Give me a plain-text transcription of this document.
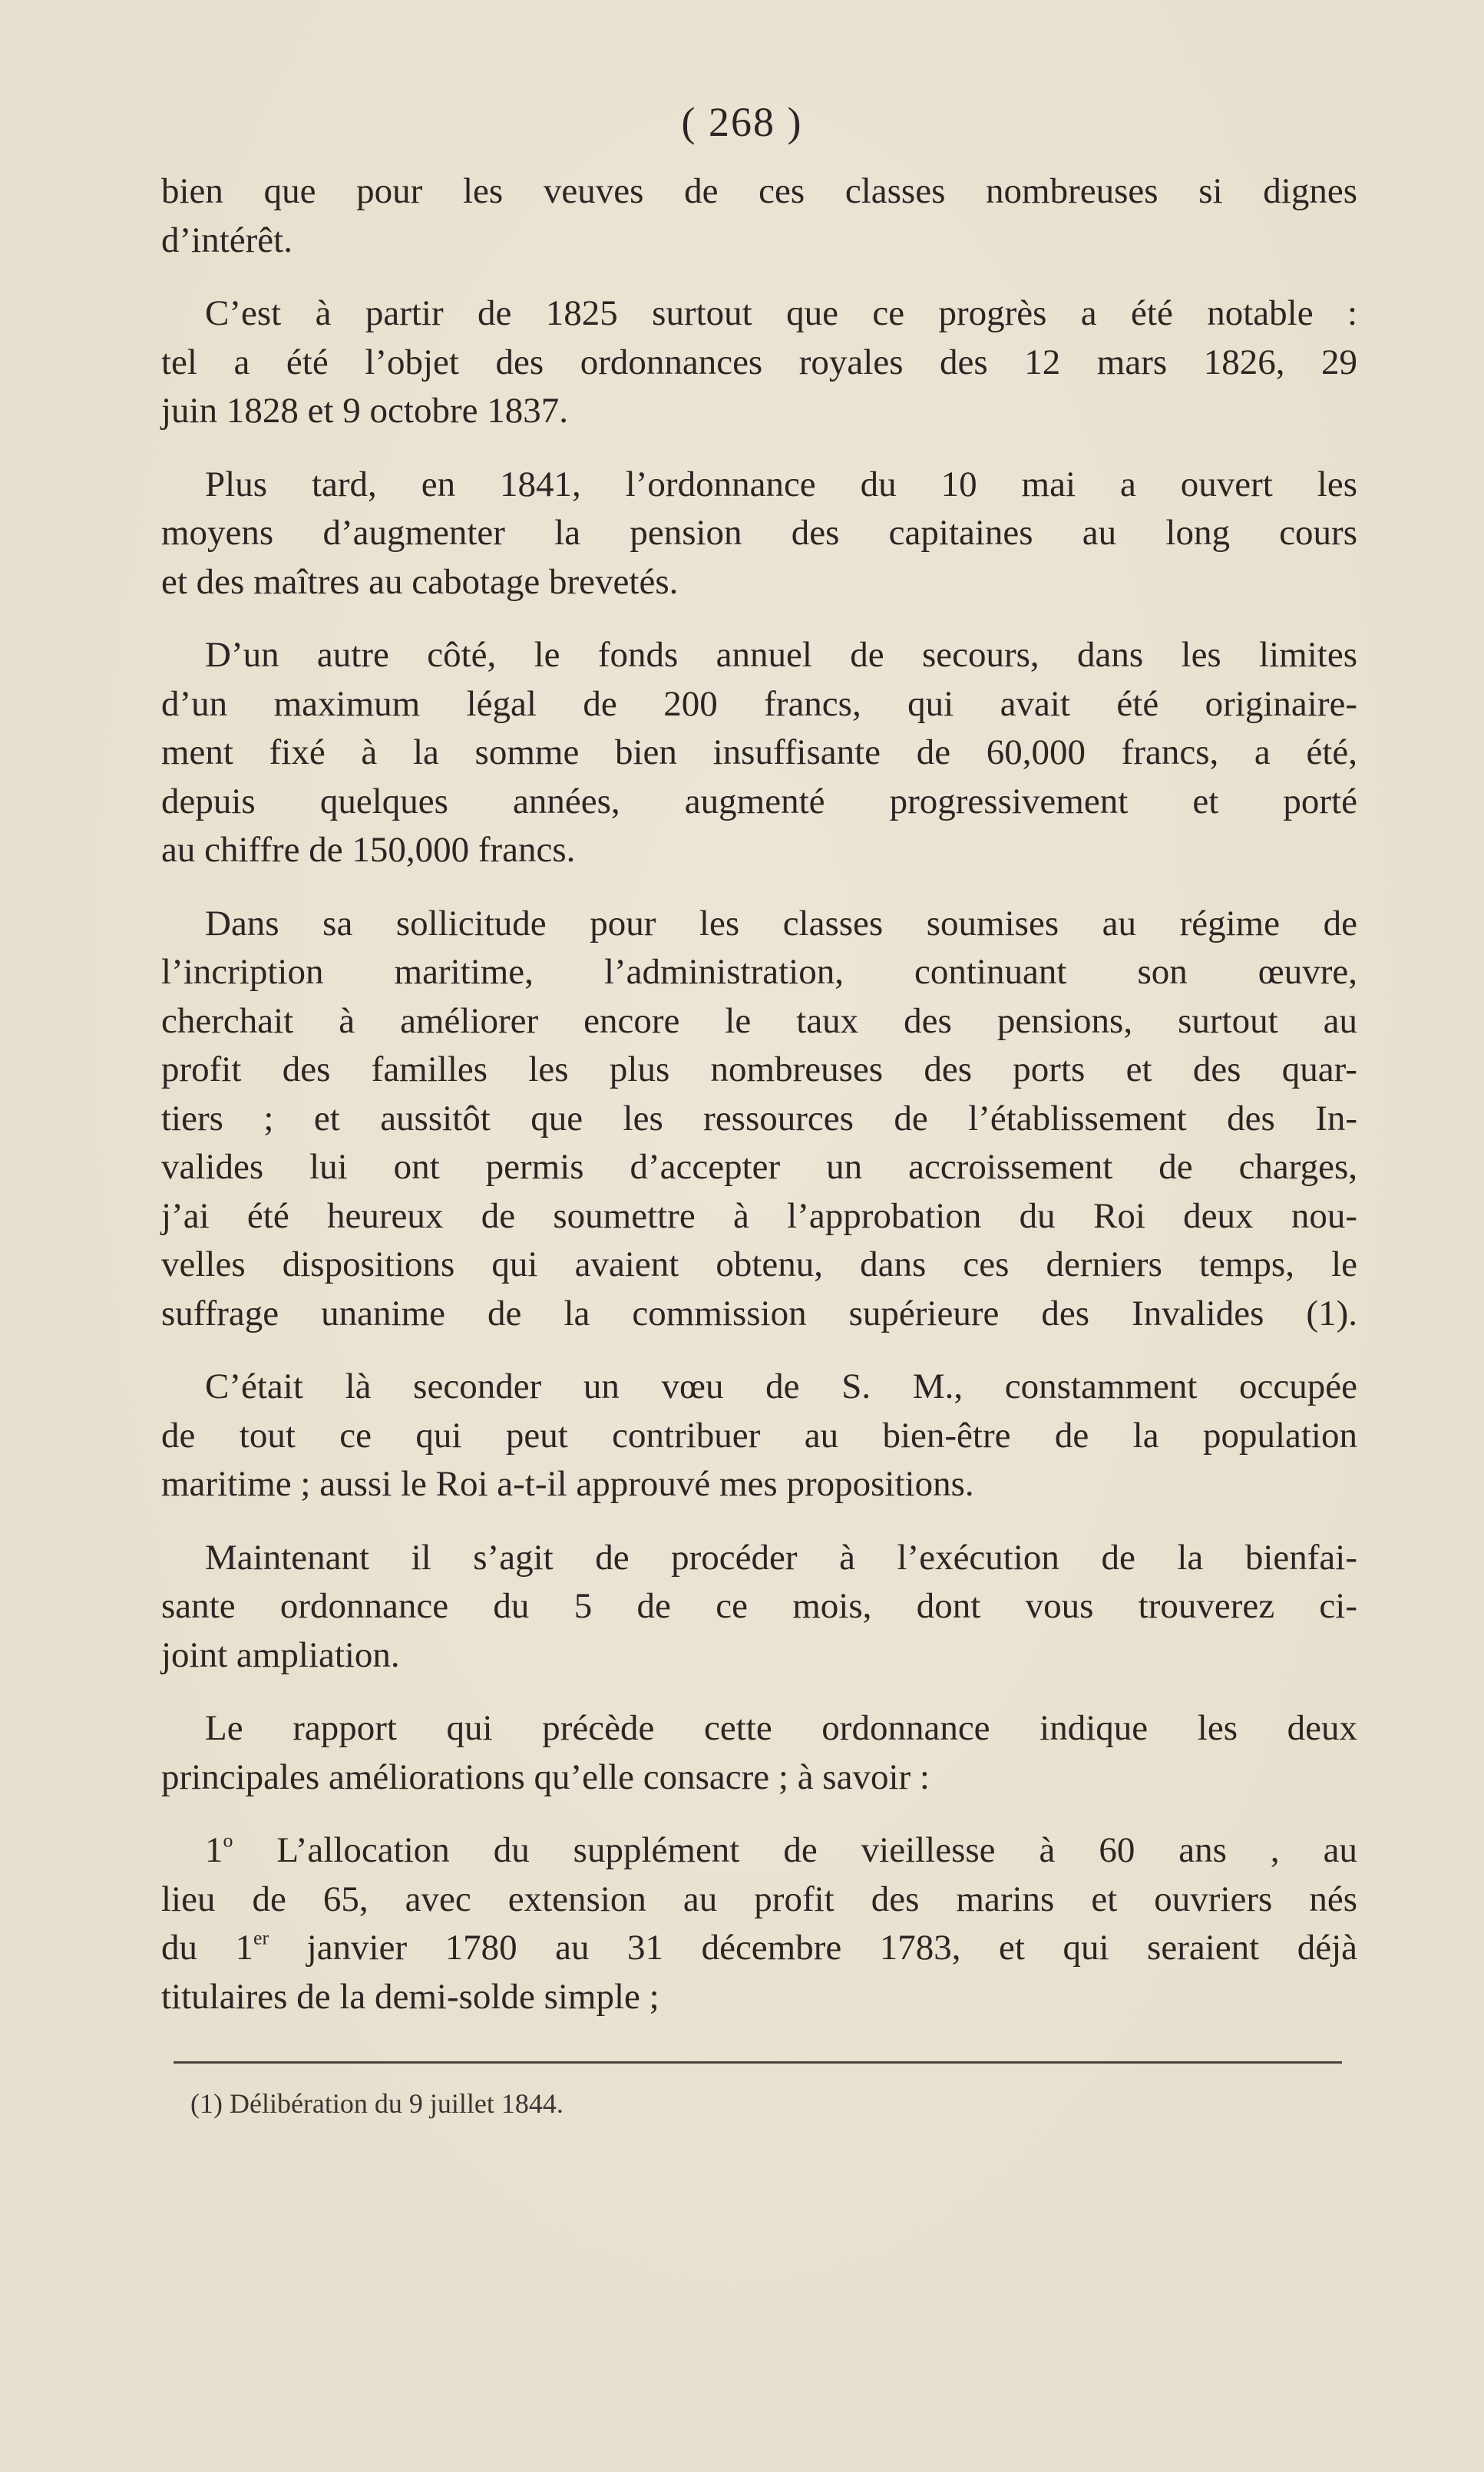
( 268 )

bien que pour les veuves de ces classes nombreuses si dignes
d’intérêt.

C’est à partir de 1825 surtout que ce progrès a été notable :
tel a été l’objet des ordonnances royales des 12 mars 1826, 29
juin 1828 et 9 octobre 1837.

Plus tard, en 1841, l’ordonnance du 10 mai a ouvert les
moyens d’augmenter la pension des capitaines au long cours
et des maîtres au cabotage brevetés.

D’un autre côté, le fonds annuel de secours, dans les limites
d’un maximum légal de 200 francs, qui avait été originaire-
ment fixé à la somme bien insuffisante de 60,000 francs, a été,
depuis quelques années, augmenté progressivement et porté
au chiffre de 150,000 francs.

Dans sa sollicitude pour les classes soumises au régime de
l’incription maritime, l’administration, continuant son œuvre,
cherchait à améliorer encore le taux des pensions, surtout au
profit des familles les plus nombreuses des ports et des quar-
tiers ; et aussitôt que les ressources de l’établissement des In-
valides lui ont permis d’accepter un accroissement de charges,
j’ai été heureux de soumettre à l’approbation du Roi deux nou-
velles dispositions qui avaient obtenu, dans ces derniers temps, le
suffrage unanime de la commission supérieure des Invalides (1).

C’était là seconder un vœu de S. M., constamment occupée
de tout ce qui peut contribuer au bien-être de la population
maritime ; aussi le Roi a-t-il approuvé mes propositions.

Maintenant il s’agit de procéder à l’exécution de la bienfai-
sante ordonnance du 5 de ce mois, dont vous trouverez ci-
joint ampliation.

Le rapport qui précède cette ordonnance indique les deux
principales améliorations qu’elle consacre ; à savoir :

1$^o$ L’allocation du supplément de vieillesse à 60 ans , au
lieu de 65, avec extension au profit des marins et ouvriers nés
du 1er janvier 1780 au 31 décembre 1783, et qui seraient déjà
titulaires de la demi-solde simple ;

(1) Délibération du 9 juillet 1844.
